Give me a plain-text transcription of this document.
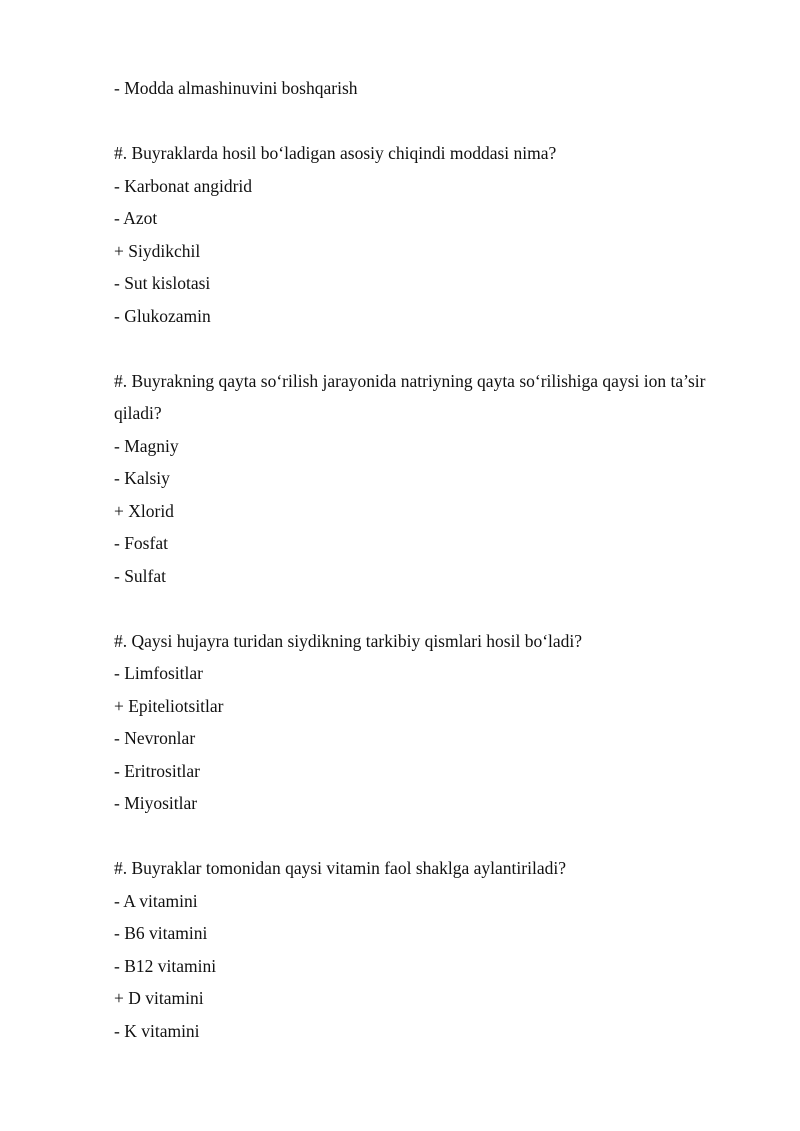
- Modda almashinuvini boshqarish
#. Buyraklarda hosil bo‘ladigan asosiy chiqindi moddasi nima?
- Karbonat angidrid
- Azot
+ Siydikchil
- Sut kislotasi
- Glukozamin
#. Buyrakning qayta so‘rilish jarayonida natriyning qayta so‘rilishiga qaysi ion ta’sir qiladi?
- Magniy
- Kalsiy
+ Xlorid
- Fosfat
- Sulfat
#. Qaysi hujayra turidan siydikning tarkibiy qismlari hosil bo‘ladi?
- Limfositlar
+ Epiteliotsitlar
- Nevronlar
- Eritrositlar
- Miyositlar
#. Buyraklar tomonidan qaysi vitamin faol shaklga aylantiriladi?
- A vitamini
- B6 vitamini
- B12 vitamini
+ D vitamini
- K vitamini
